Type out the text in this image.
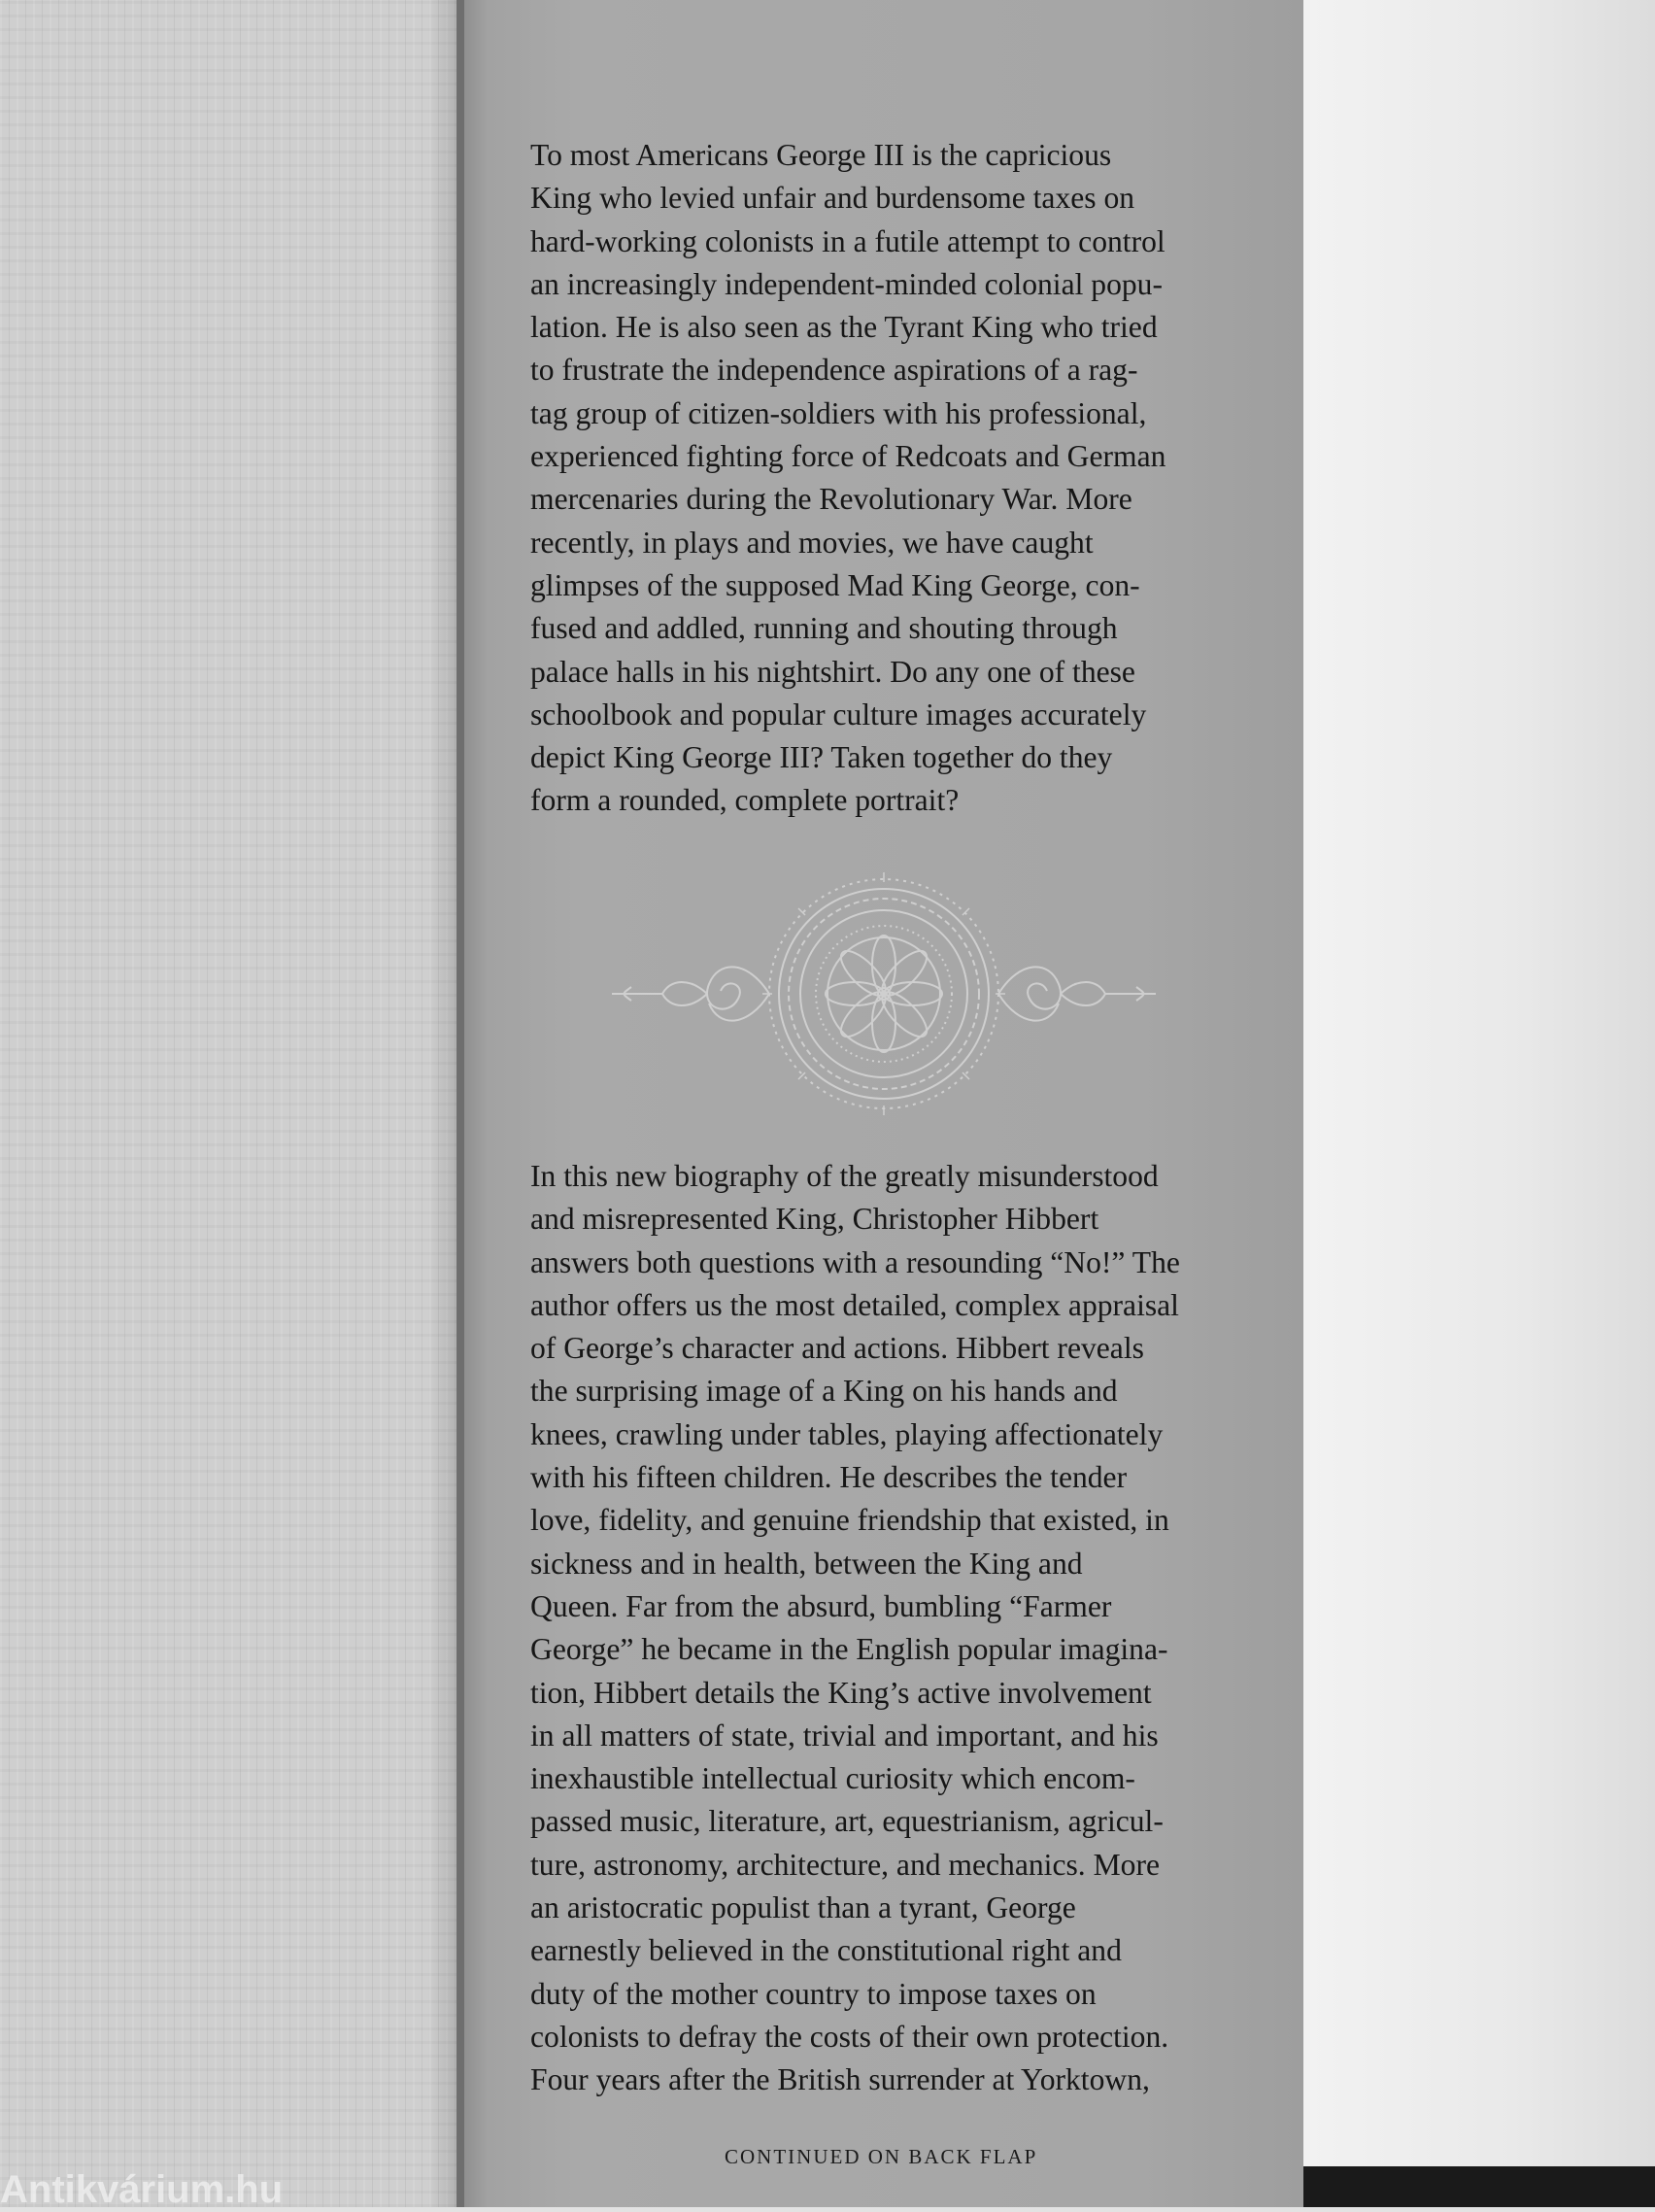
Antikvárium.hu

To most Americans George III is the capricious
King who levied unfair and burdensome taxes on
hard-working colonists in a futile attempt to control
an increasingly independent-minded colonial popu-
lation. He is also seen as the Tyrant King who tried
to frustrate the independence aspirations of a rag-
tag group of citizen-soldiers with his professional,
experienced fighting force of Redcoats and German
mercenaries during the Revolutionary War. More
recently, in plays and movies, we have caught
glimpses of the supposed Mad King George, con-
fused and addled, running and shouting through
palace halls in his nightshirt. Do any one of these
schoolbook and popular culture images accurately
depict King George III? Taken together do they
form a rounded, complete portrait?

In this new biography of the greatly misunderstood
and misrepresented King, Christopher Hibbert
answers both questions with a resounding “No!” The
author offers us the most detailed, complex appraisal
of George’s character and actions. Hibbert reveals
the surprising image of a King on his hands and
knees, crawling under tables, playing affectionately
with his fifteen children. He describes the tender
love, fidelity, and genuine friendship that existed, in
sickness and in health, between the King and
Queen. Far from the absurd, bumbling “Farmer
George” he became in the English popular imagina-
tion, Hibbert details the King’s active involvement
in all matters of state, trivial and important, and his
inexhaustible intellectual curiosity which encom-
passed music, literature, art, equestrianism, agricul-
ture, astronomy, architecture, and mechanics. More
an aristocratic populist than a tyrant, George
earnestly believed in the constitutional right and
duty of the mother country to impose taxes on
colonists to defray the costs of their own protection.
Four years after the British surrender at Yorktown,

CONTINUED ON BACK FLAP
